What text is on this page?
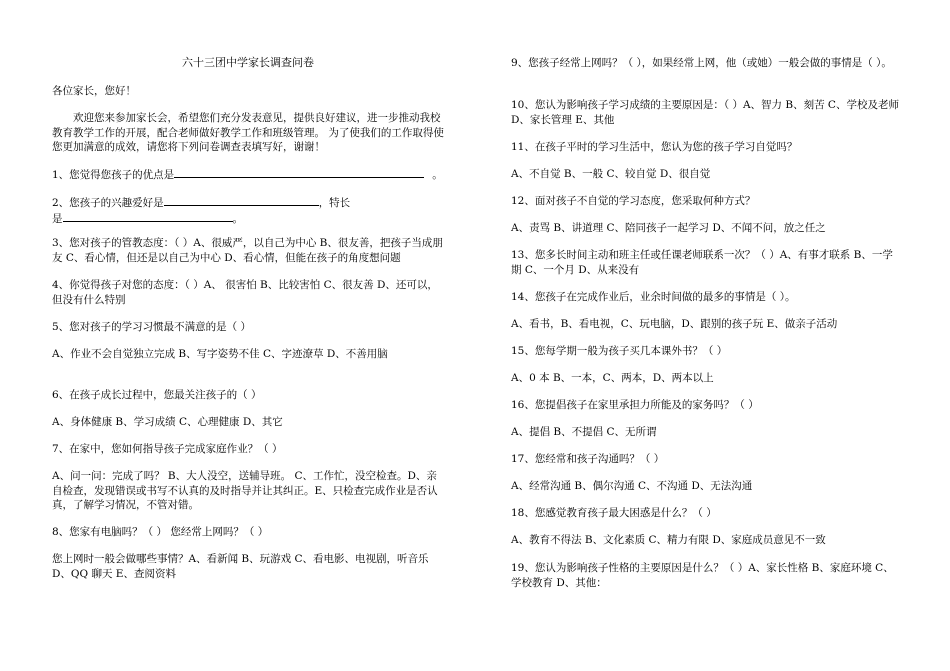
六十三团中学家长调查问卷

各位家长，您好！

欢迎您来参加家长会，希望您们充分发表意见，提供良好建议，进一步推动我校教育教学工作的开展，配合老师做好教学工作和班级管理。 为了使我们的工作取得使您更加满意的成效，请您将下列问卷调查表填写好，谢谢！

1、您觉得您孩子的优点是	。

2、您孩子的兴趣爱好是	，特长
是	。

3、您对孩子的管教态度：（ ）A、很威严，以自己为中心 B、很友善，把孩子当成朋友 C、看心情，但还是以自己为中心 D、看心情，但能在孩子的角度想问题

4、你觉得孩子对您的态度：（ ）A、 很害怕 B、比较害怕 C、很友善 D、还可以，但没有什么特别

5、您对孩子的学习习惯最不满意的是（ ）

A、作业不会自觉独立完成 B、写字姿势不佳 C、字迹潦草 D、不善用脑

6、在孩子成长过程中，您最关注孩子的（ ）

A、身体健康 B、学习成绩 C、心理健康 D、其它

7、在家中，您如何指导孩子完成家庭作业？（ ）

A、问一问：完成了吗？ B、大人没空，送辅导班。 C、工作忙，没空检查。D、亲自检查，发现错误或书写不认真的及时指导并让其纠正。E、只检查完成作业是否认真，了解学习情况，不管对错。

8、您家有电脑吗？（ ） 您经常上网吗？（ ）

您上网时一般会做哪些事情？A、看新闻 B、玩游戏 C、看电影、电视剧，听音乐 D、QQ 聊天 E、查阅资料

9、您孩子经常上网吗？（ ），如果经常上网，他（或她）一般会做的事情是（ ）。

10、您认为影响孩子学习成绩的主要原因是：（ ）A、智力 B、刻苦 C、学校及老师 D、家长管理 E、其他

11、在孩子平时的学习生活中，您认为您的孩子学习自觉吗？

A、不自觉 B、一般 C、较自觉 D、很自觉

12、面对孩子不自觉的学习态度，您采取何种方式？

A、责骂 B、讲道理 C、陪同孩子一起学习 D、不闻不问，放之任之

13、您多长时间主动和班主任或任课老师联系一次？（ ）A、有事才联系 B、一学期 C、一个月 D、从来没有

14、您孩子在完成作业后，业余时间做的最多的事情是（ ）。

A、看书，B、看电视，C、玩电脑，D、跟别的孩子玩 E、做亲子活动

15、您每学期一般为孩子买几本课外书？（ ）

A、0 本 B、一本，C、两本，D、两本以上

16、您提倡孩子在家里承担力所能及的家务吗？（ ）

A、提倡 B、不提倡 C、无所谓

17、您经常和孩子沟通吗？（ ）

A、经常沟通 B、偶尔沟通 C、不沟通 D、无法沟通

18、您感觉教育孩子最大困惑是什么？（ ）

A、教育不得法 B、文化素质 C、精力有限 D、家庭成员意见不一致

19、您认为影响孩子性格的主要原因是什么？（ ）A、家长性格 B、家庭环境 C、学校教育 D、其他：
